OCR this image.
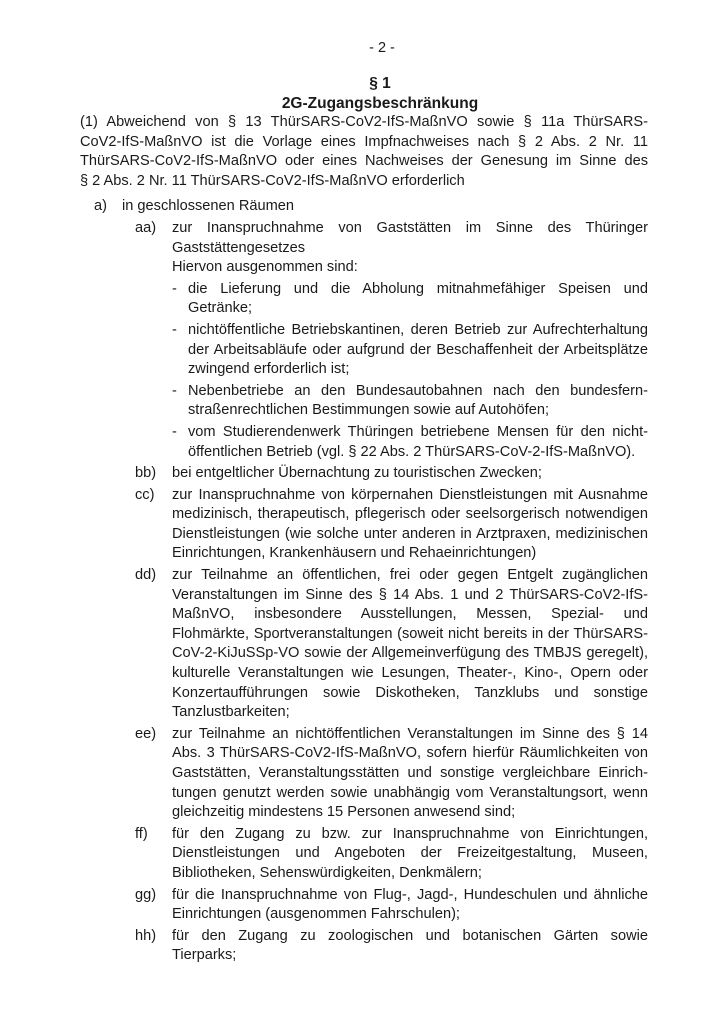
- 2 -
§ 1
2G-Zugangsbeschränkung
(1) Abweichend von § 13 ThürSARS-CoV2-IfS-MaßnVO sowie § 11a ThürSARS-
CoV2-IfS-MaßnVO ist die Vorlage eines Impfnachweises nach § 2 Abs. 2 Nr. 11
ThürSARS-CoV2-IfS-MaßnVO oder eines Nachweises der Genesung im Sinne des
§ 2 Abs. 2 Nr. 11 ThürSARS-CoV2-IfS-MaßnVO erforderlich
a) in geschlossenen Räumen
aa) zur Inanspruchnahme von Gaststätten im Sinne des Thüringer Gaststättengesetzes
Hiervon ausgenommen sind:
- die Lieferung und die Abholung mitnahmefähiger Speisen und Getränke;
- nichtöffentliche Betriebskantinen, deren Betrieb zur Aufrechterhaltung der Arbeitsabläufe oder aufgrund der Beschaffenheit der Arbeitsplätze zwingend erforderlich ist;
- Nebenbetriebe an den Bundesautobahnen nach den bundesfern-straßenrechtlichen Bestimmungen sowie auf Autohöfen;
- vom Studierendenwerk Thüringen betriebene Mensen für den nicht-öffentlichen Betrieb (vgl. § 22 Abs. 2 ThürSARS-CoV-2-IfS-MaßnVO).
bb) bei entgeltlicher Übernachtung zu touristischen Zwecken;
cc) zur Inanspruchnahme von körpernahen Dienstleistungen mit Ausnahme medizinisch, therapeutisch, pflegerisch oder seelsorgerisch notwendigen Dienstleistungen (wie solche unter anderen in Arztpraxen, medizinischen Einrichtungen, Krankenhäusern und Rehaeinrichtungen)
dd) zur Teilnahme an öffentlichen, frei oder gegen Entgelt zugänglichen Veranstaltungen im Sinne des § 14 Abs. 1 und 2 ThürSARS-CoV2-IfS-MaßnVO, insbesondere Ausstellungen, Messen, Spezial- und Flohmärkte, Sportveranstaltungen (soweit nicht bereits in der ThürSARS-CoV-2-KiJuSSp-VO sowie der Allgemeinverfügung des TMBJS geregelt), kulturelle Veranstaltungen wie Lesungen, Theater-, Kino-, Opern oder Konzertaufführungen sowie Diskotheken, Tanzklubs und sonstige Tanzlustbarkeiten;
ee) zur Teilnahme an nichtöffentlichen Veranstaltungen im Sinne des § 14 Abs. 3 ThürSARS-CoV2-IfS-MaßnVO, sofern hierfür Räumlichkeiten von Gaststätten, Veranstaltungsstätten und sonstige vergleichbare Einrich-tungen genutzt werden sowie unabhängig vom Veranstaltungsort, wenn gleichzeitig mindestens 15 Personen anwesend sind;
ff) für den Zugang zu bzw. zur Inanspruchnahme von Einrichtungen, Dienstleistungen und Angeboten der Freizeitgestaltung, Museen, Bibliotheken, Sehenswürdigkeiten, Denkmälern;
gg) für die Inanspruchnahme von Flug-, Jagd-, Hundeschulen und ähnliche Einrichtungen (ausgenommen Fahrschulen);
hh) für den Zugang zu zoologischen und botanischen Gärten sowie Tierparks;
